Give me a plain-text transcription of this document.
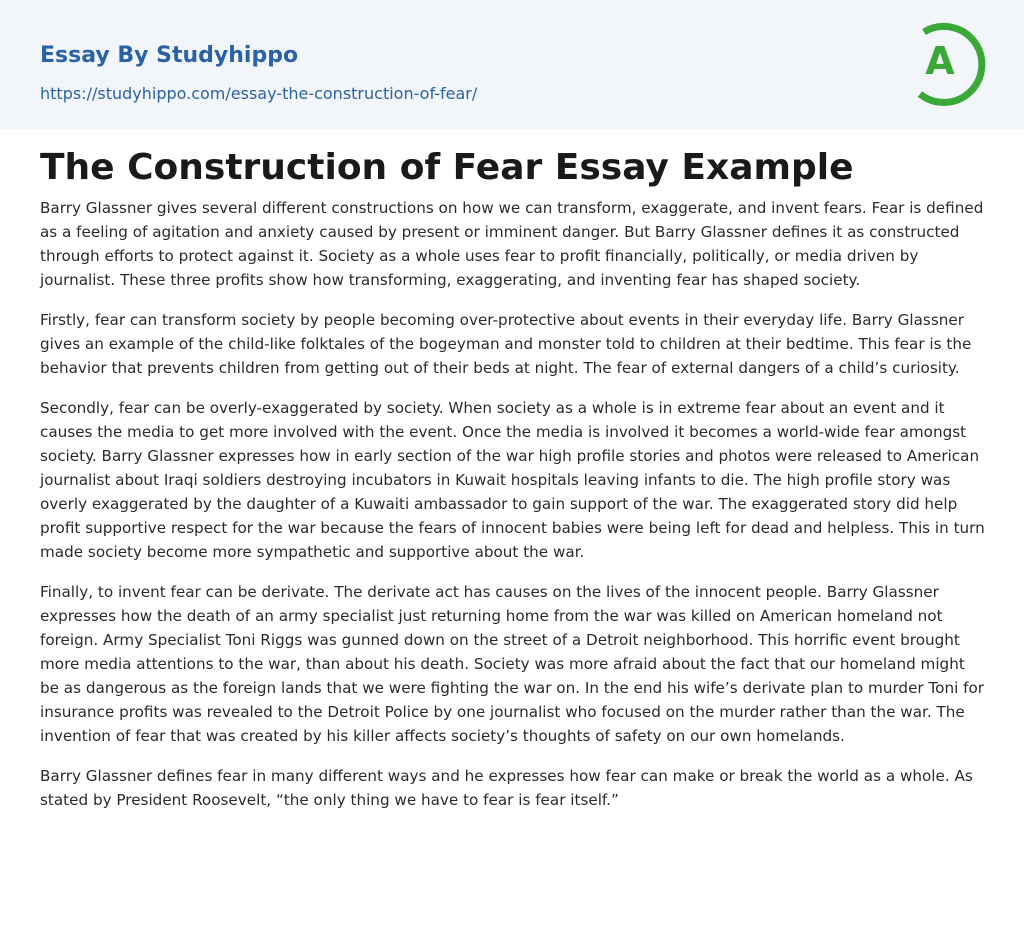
Essay By Studyhippo
https://studyhippo.com/essay-the-construction-of-fear/
A
The Construction of Fear Essay Example

Barry Glassner gives several different constructions on how we can transform, exaggerate, and invent fears. Fear is defined as a feeling of agitation and anxiety caused by present or imminent danger. But Barry Glassner defines it as constructed through efforts to protect against it. Society as a whole uses fear to profit financially, politically, or media driven by journalist. These three profits show how transforming, exaggerating, and inventing fear has shaped society.

Firstly, fear can transform society by people becoming over-protective about events in their everyday life. Barry Glassner gives an example of the child-like folktales of the bogeyman and monster told to children at their bedtime. This fear is the behavior that prevents children from getting out of their beds at night. The fear of external dangers of a child’s curiosity.

Secondly, fear can be overly-exaggerated by society. When society as a whole is in extreme fear about an event and it causes the media to get more involved with the event. Once the media is involved it becomes a world-wide fear amongst society. Barry Glassner expresses how in early section of the war high profile stories and photos were released to American journalist about Iraqi soldiers destroying incubators in Kuwait hospitals leaving infants to die. The high profile story was overly exaggerated by the daughter of a Kuwaiti ambassador to gain support of the war. The exaggerated story did help profit supportive respect for the war because the fears of innocent babies were being left for dead and helpless. This in turn made society become more sympathetic and supportive about the war.

Finally, to invent fear can be derivate. The derivate act has causes on the lives of the innocent people. Barry Glassner expresses how the death of an army specialist just returning home from the war was killed on American homeland not foreign. Army Specialist Toni Riggs was gunned down on the street of a Detroit neighborhood. This horrific event brought more media attentions to the war, than about his death. Society was more afraid about the fact that our homeland might be as dangerous as the foreign lands that we were fighting the war on. In the end his wife’s derivate plan to murder Toni for insurance profits was revealed to the Detroit Police by one journalist who focused on the murder rather than the war. The invention of fear that was created by his killer affects society’s thoughts of safety on our own homelands.

Barry Glassner defines fear in many different ways and he expresses how fear can make or break the world as a whole. As stated by President Roosevelt, “the only thing we have to fear is fear itself.”
